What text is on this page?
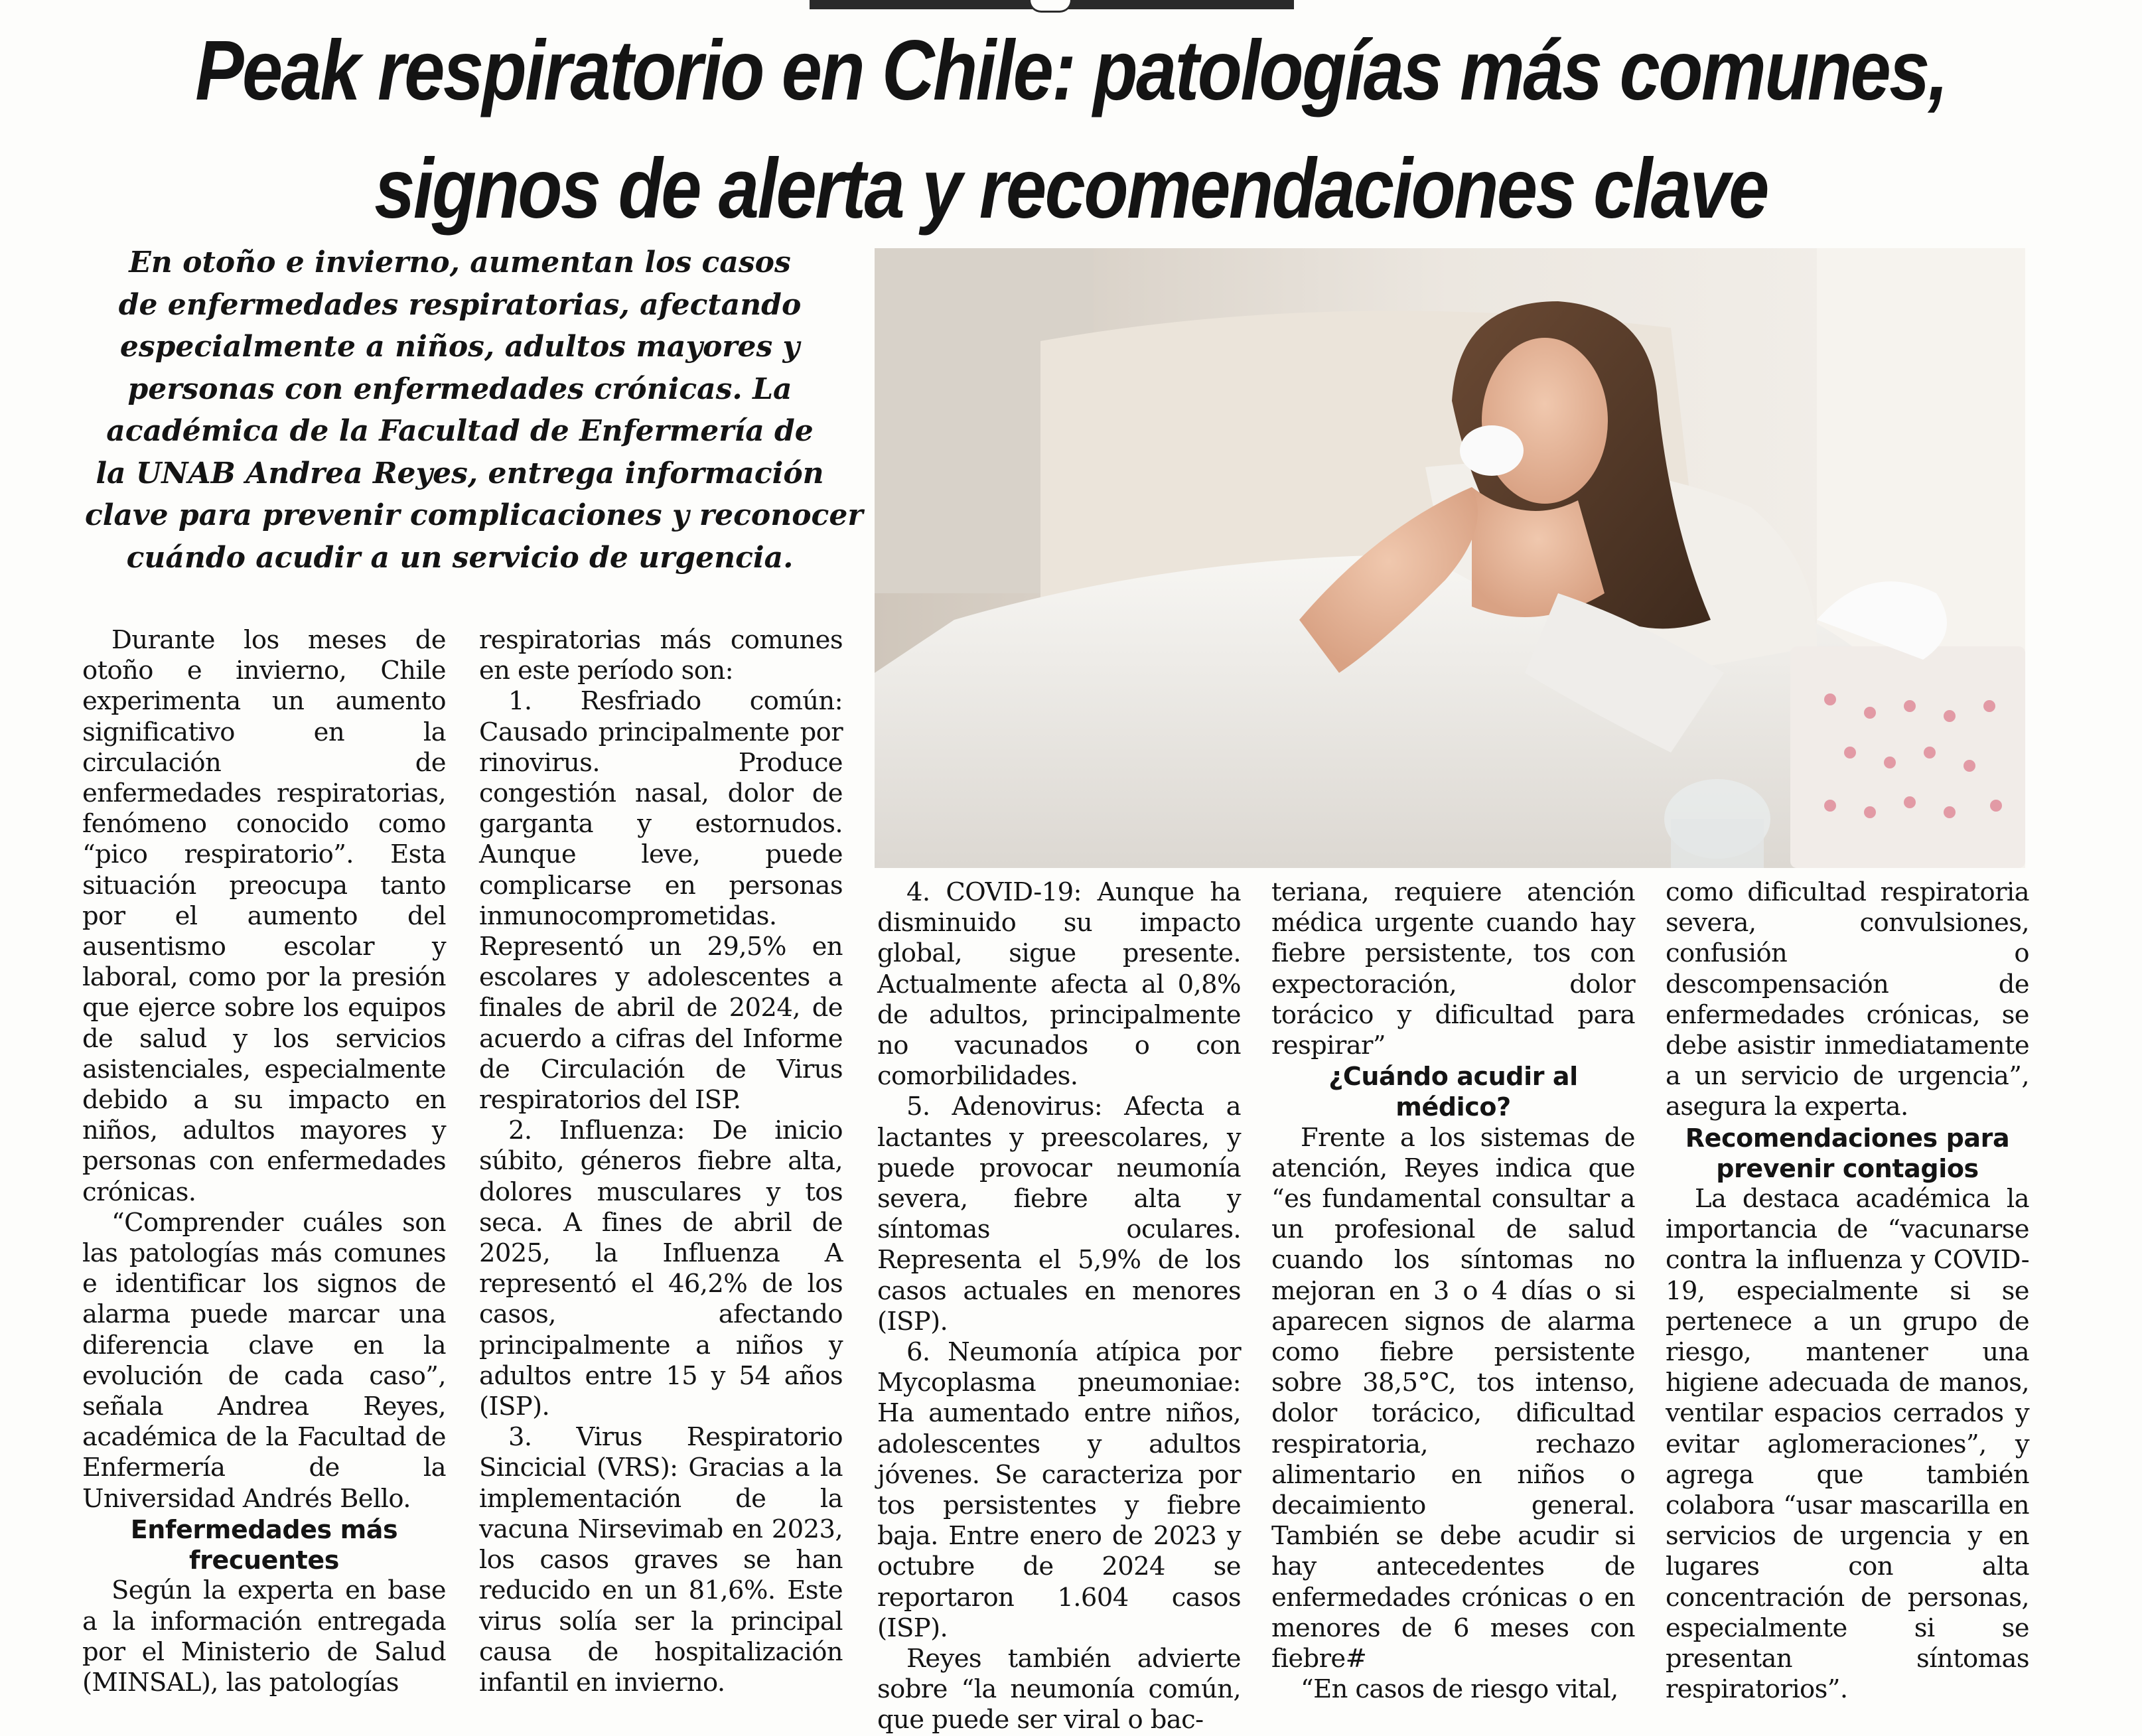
Peak respiratorio en Chile: patologías más comunes,
signos de alerta y recomendaciones clave
En otoño e invierno, aumentan los casos
de enfermedades respiratorias, afectando
especialmente a niños, adultos mayores y
personas con enfermedades crónicas. La
académica de la Facultad de Enfermería de
la UNAB Andrea Reyes, entrega información
clave para prevenir complicaciones y reconocer
cuándo acudir a un servicio de urgencia.

Durante los meses de otoño e invierno, Chile experimenta un aumento significativo en la circulación de enfermedades respiratorias, fenómeno conocido como “pico respiratorio”. Esta situación preocupa tanto por el aumento del ausentismo escolar y laboral, como por la presión que ejerce sobre los equipos de salud y los servicios asistenciales, especialmente debido a su impacto en niños, adultos mayores y personas con enfermedades crónicas.

“Comprender cuáles son las patologías más comunes e identificar los signos de alarma puede marcar una diferencia clave en la evolución de cada caso”, señala Andrea Reyes, académica de la Facultad de Enfermería de la Universidad Andrés Bello.

Enfermedades más frecuentes

Según la experta en base a la información entregada por el Ministerio de Salud (MINSAL), las patologías

respiratorias más comunes en este período son:

1. Resfriado común: Causado principalmente por rinovirus. Produce congestión nasal, dolor de garganta y estornudos. Aunque leve, puede complicarse en personas inmunocomprometidas. Representó un 29,5% en escolares y adolescentes a finales de abril de 2024, de acuerdo a cifras del Informe de Circulación de Virus respiratorios del ISP.

2. Influenza: De inicio súbito, géneros fiebre alta, dolores musculares y tos seca. A fines de abril de 2025, la Influenza A representó el 46,2% de los casos, afectando principalmente a niños y adultos entre 15 y 54 años (ISP).

3. Virus Respiratorio Sincicial (VRS): Gracias a la implementación de la vacuna Nirsevimab en 2023, los casos graves se han reducido en un 81,6%. Este virus solía ser la principal causa de hospitalización infantil en invierno.

4. COVID-19: Aunque ha disminuido su impacto global, sigue presente. Actualmente afecta al 0,8% de adultos, principalmente no vacunados o con comorbilidades.

5. Adenovirus: Afecta a lactantes y preescolares, y puede provocar neumonía severa, fiebre alta y síntomas oculares. Representa el 5,9% de los casos actuales en menores (ISP).

6. Neumonía atípica por Mycoplasma pneumoniae: Ha aumentado entre niños, adolescentes y adultos jóvenes. Se caracteriza por tos persistentes y fiebre baja. Entre enero de 2023 y octubre de 2024 se reportaron 1.604 casos (ISP).

Reyes también advierte sobre “la neumonía común, que puede ser viral o bac-

teriana, requiere atención médica urgente cuando hay fiebre persistente, tos con expectoración, dolor torácico y dificultad para respirar”

¿Cuándo acudir al médico?

Frente a los sistemas de atención, Reyes indica que “es fundamental consultar a un profesional de salud cuando los síntomas no mejoran en 3 o 4 días o si aparecen signos de alarma como fiebre persistente sobre 38,5°C, tos intenso, dolor torácico, dificultad respiratoria, rechazo alimentario en niños o decaimiento general. También se debe acudir si hay antecedentes de enfermedades crónicas o en menores de 6 meses con fiebre#

“En casos de riesgo vital,

como dificultad respiratoria severa, convulsiones, confusión o descompensación de enfermedades crónicas, se debe asistir inmediatamente a un servicio de urgencia”, asegura la experta.

Recomendaciones para prevenir contagios

La destaca académica la importancia de “vacunarse contra la influenza y COVID-19, especialmente si se pertenece a un grupo de riesgo, mantener una higiene adecuada de manos, ventilar espacios cerrados y evitar aglomeraciones”, y agrega que también colabora “usar mascarilla en servicios de urgencia y en lugares con alta concentración de personas, especialmente si se presentan síntomas respiratorios”.
